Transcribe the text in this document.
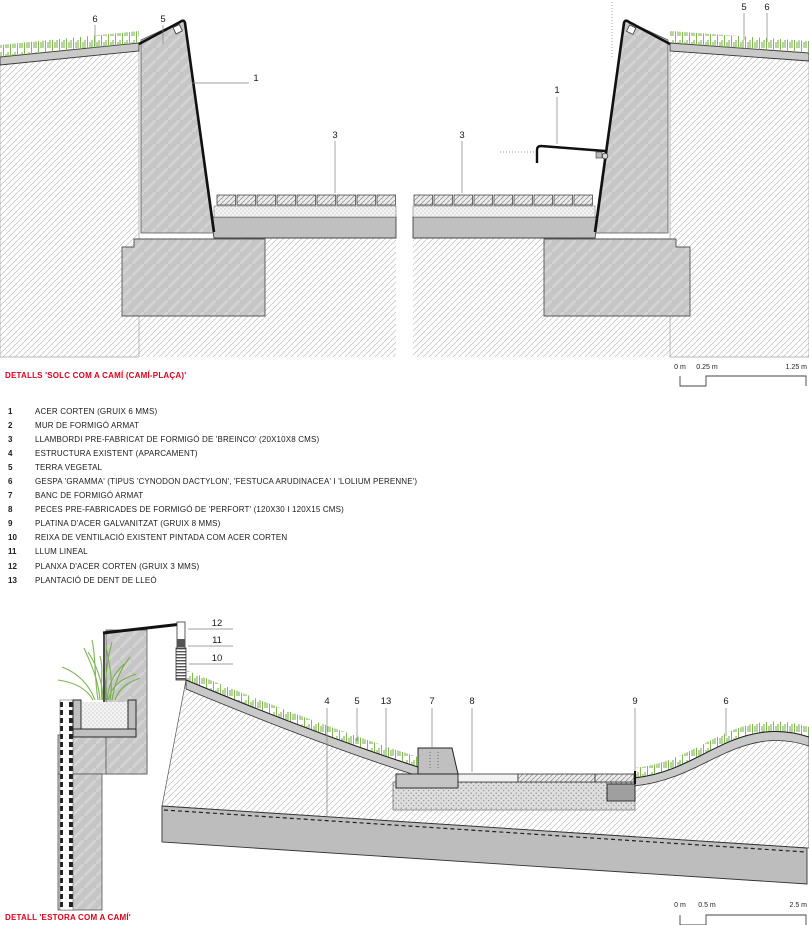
6	5
1
3	3
1
5 6
DETALLS 'SOLC COM A CAMÍ (CAMÍ-PLAÇA)'
0 m 0.25 m	1.25 m
1	ACER CORTEN (GRUIX 6 MMS)
2	MUR DE FORMIGÓ ARMAT
3	LLAMBORDI PRE-FABRICAT DE FORMIGÓ DE 'BREINCO' (20X10X8 CMS)
4	ESTRUCTURA EXISTENT (APARCAMENT)
5	TERRA VEGETAL
6	GESPA 'GRAMMA' (TIPUS 'CYNODON DACTYLON', 'FESTUCA ARUDINACEA' I 'LOLIUM PERENNE')
7	BANC DE FORMIGÓ ARMAT
8	PECES PRE-FABRICADES DE FORMIGÓ DE 'PERFORT' (120X30 I 120X15 CMS)
9	PLATINA D'ACER GALVANITZAT (GRUIX 8 MMS)
10	REIXA DE VENTILACIÓ EXISTENT PINTADA COM ACER CORTEN
11	LLUM LINEAL
12	PLANXA D'ACER CORTEN (GRUIX 3 MMS)
13	PLANTACIÓ DE DENT DE LLEÓ
12
11
10
4	5 13	7	8	9	6
DETALL 'ESTORA COM A CAMÍ'
0 m 0.5 m	2.5 m
